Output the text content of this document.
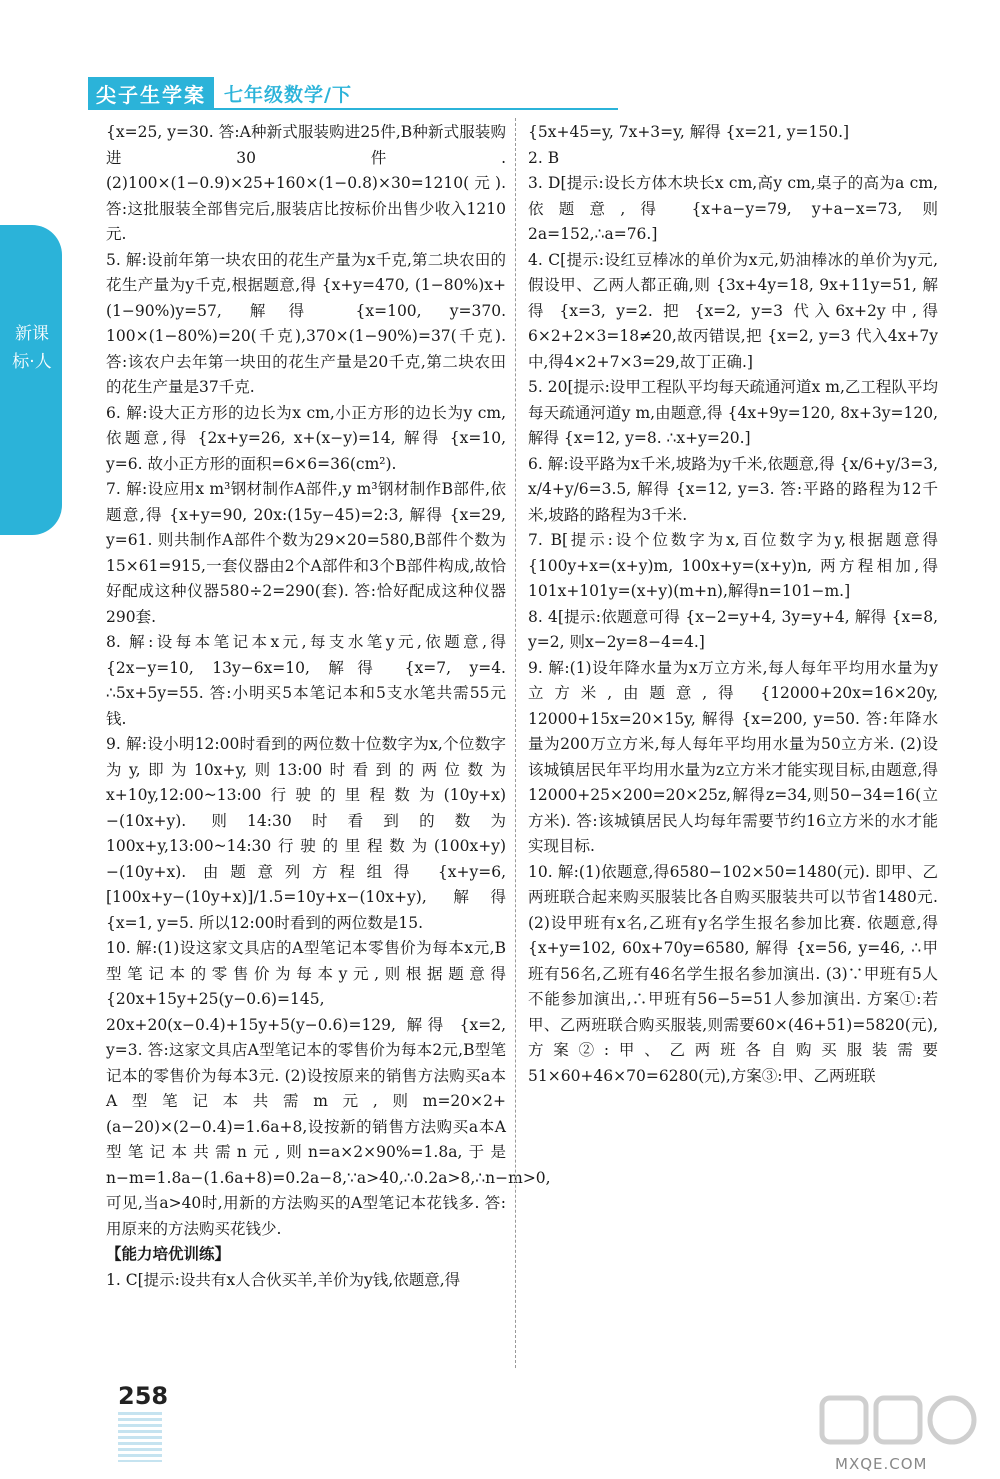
尖子生学案 七年级数学/下
新课标·人

{x=25, y=30. 答:A种新式服装购进25件,B种新式服装购进30件. (2)100×(1−0.9)×25+160×(1−0.8)×30=1210(元). 答:这批服装全部售完后,服装店比按标价出售少收入1210元.

5. 解:设前年第一块农田的花生产量为x千克,第二块农田的花生产量为y千克,根据题意,得 {x+y=470, (1−80%)x+(1−90%)y=57, 解得 {x=100, y=370. 100×(1−80%)=20(千克),370×(1−90%)=37(千克). 答:该农户去年第一块田的花生产量是20千克,第二块农田的花生产量是37千克.

6. 解:设大正方形的边长为x cm,小正方形的边长为y cm,依题意,得 {2x+y=26, x+(x−y)=14, 解得 {x=10, y=6. 故小正方形的面积=6×6=36(cm²).

7. 解:设应用x m³钢材制作A部件,y m³钢材制作B部件,依题意,得 {x+y=90, 20x:(15y−45)=2:3, 解得 {x=29, y=61. 则共制作A部件个数为29×20=580,B部件个数为15×61=915,一套仪器由2个A部件和3个B部件构成,故恰好配成这种仪器580÷2=290(套). 答:恰好配成这种仪器290套.

8. 解:设每本笔记本x元,每支水笔y元,依题意,得 {2x−y=10, 13y−6x=10, 解得 {x=7, y=4. ∴5x+5y=55. 答:小明买5本笔记本和5支水笔共需55元钱.

9. 解:设小明12:00时看到的两位数十位数字为x,个位数字为y,即为10x+y,则13:00时看到的两位数为x+10y,12:00~13:00行驶的里程数为(10y+x)−(10x+y). 则14:30时看到的数为100x+y,13:00~14:30行驶的里程数为(100x+y)−(10y+x). 由题意列方程组得 {x+y=6, [100x+y−(10y+x)]/1.5=10y+x−(10x+y), 解得 {x=1, y=5. 所以12:00时看到的两位数是15.

10. 解:(1)设这家文具店的A型笔记本零售价为每本x元,B型笔记本的零售价为每本y元,则根据题意得 {20x+15y+25(y−0.6)=145, 20x+20(x−0.4)+15y+5(y−0.6)=129, 解得 {x=2, y=3. 答:这家文具店A型笔记本的零售价为每本2元,B型笔记本的零售价为每本3元. (2)设按原来的销售方法购买a本A型笔记本共需m元,则m=20×2+(a−20)×(2−0.4)=1.6a+8,设按新的销售方法购买a本A型笔记本共需n元,则n=a×2×90%=1.8a,于是n−m=1.8a−(1.6a+8)=0.2a−8,∵a>40,∴0.2a>8,∴n−m>0,可见,当a>40时,用新的方法购买的A型笔记本花钱多. 答:用原来的方法购买花钱少.

【能力培优训练】

1. C[提示:设共有x人合伙买羊,羊价为y钱,依题意,得

{5x+45=y, 7x+3=y, 解得 {x=21, y=150.]

2. B

3. D[提示:设长方体木块长x cm,高y cm,桌子的高为a cm,依题意,得 {x+a−y=79, y+a−x=73, 则2a=152,∴a=76.]

4. C[提示:设红豆棒冰的单价为x元,奶油棒冰的单价为y元,假设甲、乙两人都正确,则 {3x+4y=18, 9x+11y=51, 解得 {x=3, y=2. 把 {x=2, y=3 代入6x+2y中,得6×2+2×3=18≠20,故丙错误,把 {x=2, y=3 代入4x+7y中,得4×2+7×3=29,故丁正确.]

5. 20[提示:设甲工程队平均每天疏通河道x m,乙工程队平均每天疏通河道y m,由题意,得 {4x+9y=120, 8x+3y=120, 解得 {x=12, y=8. ∴x+y=20.]

6. 解:设平路为x千米,坡路为y千米,依题意,得 {x/6+y/3=3, x/4+y/6=3.5, 解得 {x=12, y=3. 答:平路的路程为12千米,坡路的路程为3千米.

7. B[提示:设个位数字为x,百位数字为y,根据题意得 {100y+x=(x+y)m, 100x+y=(x+y)n, 两方程相加,得101x+101y=(x+y)(m+n),解得n=101−m.]

8. 4[提示:依题意可得 {x−2=y+4, 3y=y+4, 解得 {x=8, y=2, 则x−2y=8−4=4.]

9. 解:(1)设年降水量为x万立方米,每人每年平均用水量为y立方米,由题意,得 {12000+20x=16×20y, 12000+15x=20×15y, 解得 {x=200, y=50. 答:年降水量为200万立方米,每人每年平均用水量为50立方米. (2)设该城镇居民年平均用水量为z立方米才能实现目标,由题意,得12000+25×200=20×25z,解得z=34,则50−34=16(立方米). 答:该城镇居民人均每年需要节约16立方米的水才能实现目标.

10. 解:(1)依题意,得6580−102×50=1480(元). 即甲、乙两班联合起来购买服装比各自购买服装共可以节省1480元. (2)设甲班有x名,乙班有y名学生报名参加比赛. 依题意,得 {x+y=102, 60x+70y=6580, 解得 {x=56, y=46, ∴甲班有56名,乙班有46名学生报名参加演出. (3)∵甲班有5人不能参加演出,∴甲班有56−5=51人参加演出. 方案①:若甲、乙两班联合购买服装,则需要60×(46+51)=5820(元),方案②:甲、乙两班各自购买服装需要51×60+46×70=6280(元),方案③:甲、乙两班联

258
MXQE.COM
